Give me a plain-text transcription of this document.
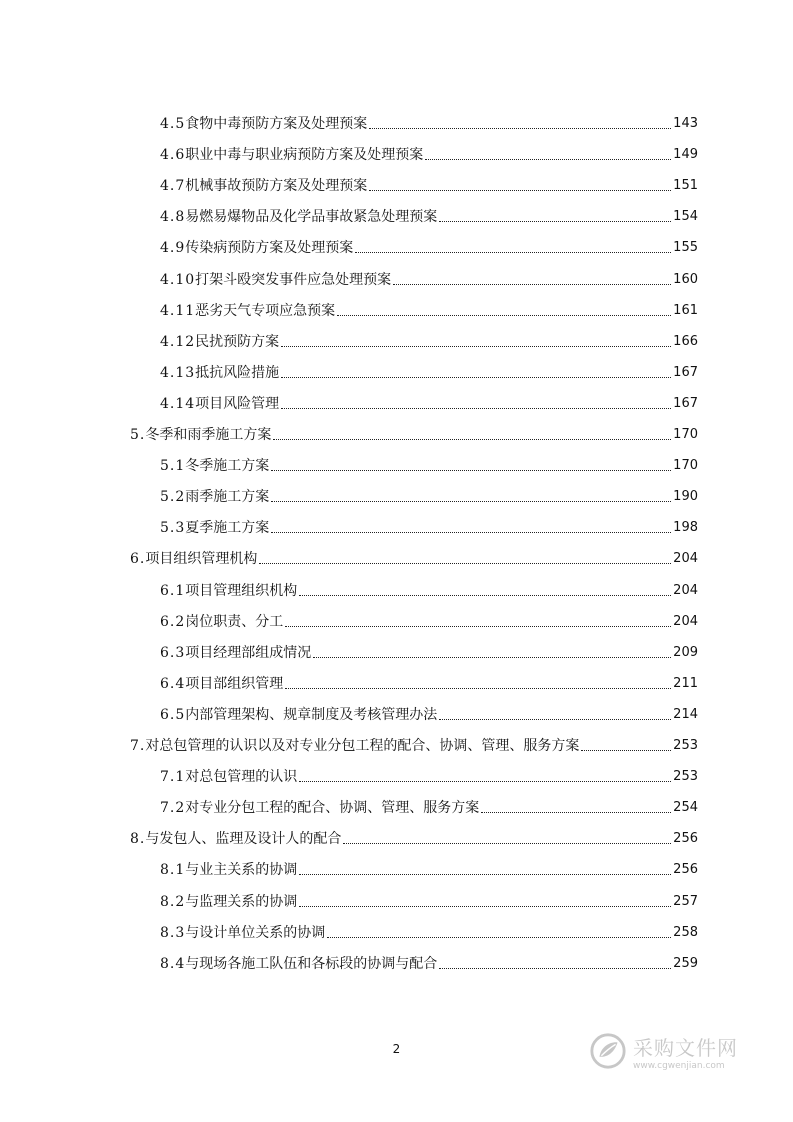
4.5 食物中毒预防方案及处理预案	143
4.6 职业中毒与职业病预防方案及处理预案	149
4.7 机械事故预防方案及处理预案	151
4.8 易燃易爆物品及化学品事故紧急处理预案	154
4.9 传染病预防方案及处理预案	155
4.10 打架斗殴突发事件应急处理预案	160
4.11 恶劣天气专项应急预案	161
4.12 民扰预防方案	166
4.13 抵抗风险措施	167
4.14 项目风险管理	167
5. 冬季和雨季施工方案	170
5.1 冬季施工方案	170
5.2 雨季施工方案	190
5.3 夏季施工方案	198
6. 项目组织管理机构	204
6.1 项目管理组织机构	204
6.2 岗位职责、分工	204
6.3 项目经理部组成情况	209
6.4 项目部组织管理	211
6.5 内部管理架构、规章制度及考核管理办法	214
7. 对总包管理的认识以及对专业分包工程的配合、协调、管理、服务方案	253
7.1 对总包管理的认识	253
7.2 对专业分包工程的配合、协调、管理、服务方案	254
8. 与发包人、监理及设计人的配合	256
8.1 与业主关系的协调	256
8.2 与监理关系的协调	257
8.3 与设计单位关系的协调	258
8.4 与现场各施工队伍和各标段的协调与配合	259
2	采购文件网
www.cgwenjian.com
